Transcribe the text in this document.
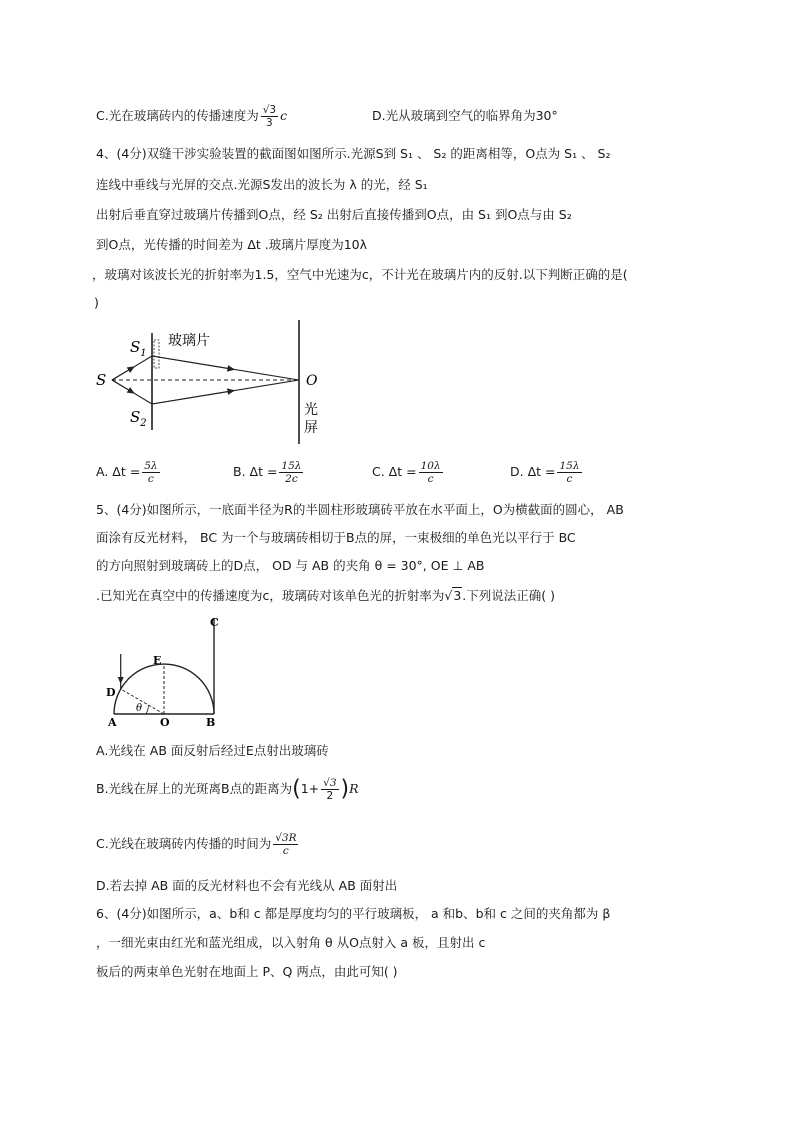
C.光在玻璃砖内的传播速度为 $\frac{√3}{3}$ c	D.光从玻璃到空气的临界角为30°
4、(4分)双缝干涉实验装置的截面图如图所示.光源S到 S₁ 、 S₂ 的距离相等，O点为 S₁ 、 S₂
连线中垂线与光屏的交点.光源S发出的波长为 λ 的光，经 S₁
出射后垂直穿过玻璃片传播到O点，经 S₂ 出射后直接传播到O点，由 S₁ 到O点与由 S₂
到O点，光传播的时间差为 Δt .玻璃片厚度为10λ
，玻璃对该波长光的折射率为1.5，空气中光速为c，不计光在玻璃片内的反射.以下判断正确的是(
)
S
$S_1$
$S_2$
玻璃片
O
光
屏
A. $\Delta t = \frac{5\lambda}{c}$	B. $\Delta t = \frac{15\lambda}{2c}$	C. $\Delta t = \frac{10\lambda}{c}$	D. $\Delta t = \frac{15\lambda}{c}$
5、(4分)如图所示，一底面半径为R的半圆柱形玻璃砖平放在水平面上，O为横截面的圆心， AB
面涂有反光材料， BC 为一个与玻璃砖相切于B点的屏，一束极细的单色光以平行于 BC
的方向照射到玻璃砖上的D点， OD 与 AB 的夹角 θ = 30°, OE ⊥ AB
.已知光在真空中的传播速度为c，玻璃砖对该单色光的折射率为√3.下列说法正确( )
C
E
D
A	O	B
θ
A.光线在 AB 面反射后经过E点射出玻璃砖
B.光线在屏上的光斑离B点的距离为$(1+ \frac{√3}{2} )R$
C.光线在玻璃砖内传播的时间为 $\frac{√3R}{c}$
D.若去掉 AB 面的反光材料也不会有光线从 AB 面射出
6、(4分)如图所示，a、b和 c 都是厚度均匀的平行玻璃板， a 和b、b和 c 之间的夹角都为 β
，一细光束由红光和蓝光组成，以入射角 θ 从O点射入 a 板，且射出 c
板后的两束单色光射在地面上 P、Q 两点，由此可知( )
